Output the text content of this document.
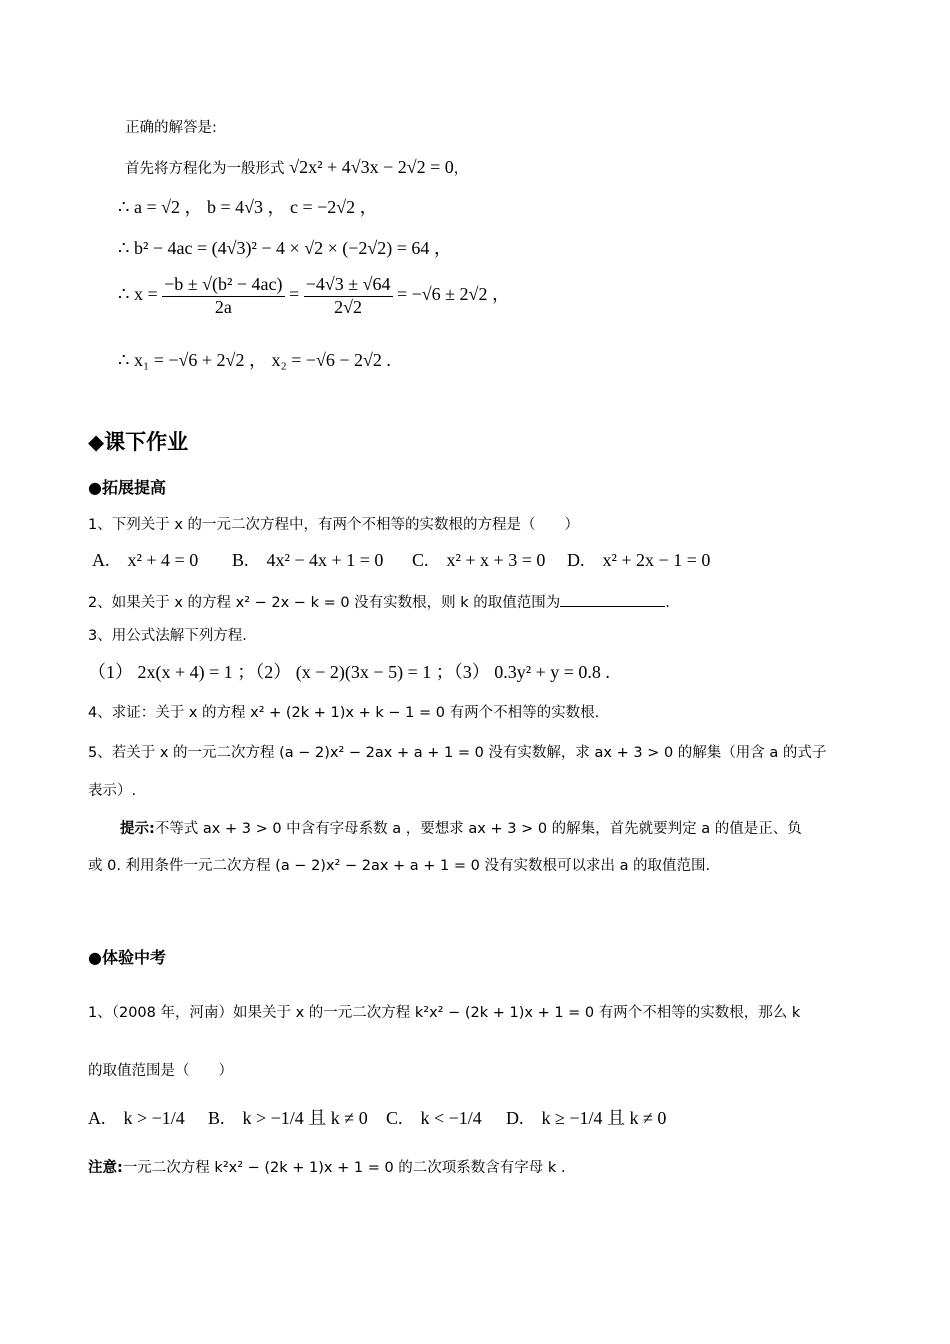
正确的解答是:
首先将方程化为一般形式 √2x² + 4√3x − 2√2 = 0，
∴ a = √2 ， b = 4√3 ， c = −2√2 ，
∴ b² − 4ac = (4√3)² − 4 × √2 × (−2√2) = 64 ，
∴ $x = \frac{\text{−b ± √(b² − 4ac)}}{2a} = \frac{-4√3 \pm √64}{2√2} = -√6 \pm 2√2$ ，
∴ x₁ = −√6 + 2√2 ， x₂ = −√6 − 2√2 .
◆课下作业
●拓展提高
1、下列关于 x 的一元二次方程中，有两个不相等的实数根的方程是（　　）
A.　x² + 4 = 0 B.　4x² − 4x + 1 = 0 C.　x² + x + 3 = 0 D.　x² + 2x − 1 = 0
2、如果关于 x 的方程 x² − 2x − k = 0 没有实数根，则 k 的取值范围为	.
3、用公式法解下列方程.
（1） 2x(x + 4) = 1 ；（2） (x − 2)(3x − 5) = 1 ；（3） 0.3y² + y = 0.8 .
4、求证：关于 x 的方程 x² + (2k + 1)x + k − 1 = 0 有两个不相等的实数根.
5、若关于 x 的一元二次方程 (a − 2)x² − 2ax + a + 1 = 0 没有实数解，求 ax + 3 > 0 的解集（用含 a 的式子
表示）.
提示:不等式 ax + 3 > 0 中含有字母系数 a ，要想求 ax + 3 > 0 的解集，首先就要判定 a 的值是正、负
或 0. 利用条件一元二次方程 (a − 2)x² − 2ax + a + 1 = 0 没有实数根可以求出 a 的取值范围.
●体验中考
1、（2008 年，河南）如果关于 x 的一元二次方程 k²x² − (2k + 1)x + 1 = 0 有两个不相等的实数根，那么 k
的取值范围是（　　）
A.　k > −1/4 B.　k > −1/4 且 k ≠ 0 C.　k < −1/4 D.　k ≥ −1/4 且 k ≠ 0
注意:一元二次方程 k²x² − (2k + 1)x + 1 = 0 的二次项系数含有字母 k .
